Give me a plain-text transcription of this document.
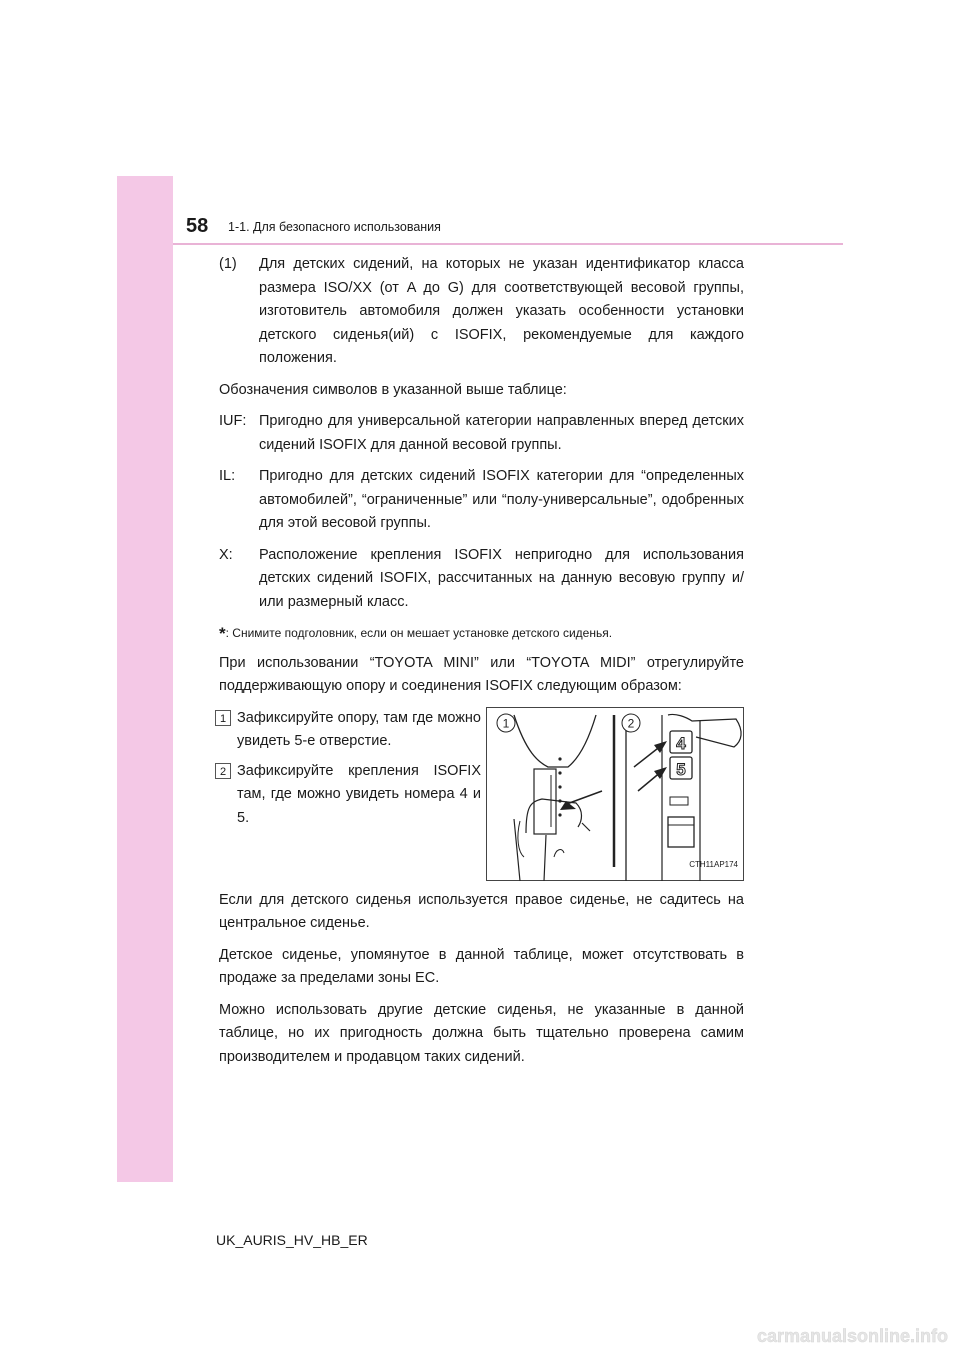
58 1-1. Для безопасного использования
(1)	Для детских сидений, на которых не указан идентификатор класса размера ISO/XX (от A до G) для соответствующей весовой группы, изготовитель автомобиля должен указать особенности установки детского сиденья(ий) с ISOFIX, рекомендуемые для каждого положения.

Обозначения символов в указанной выше таблице:

IUF: Пригодно для универсальной категории направленных вперед детских сидений ISOFIX для данной весовой группы.
IL:	Пригодно для детских сидений ISOFIX категории для “определенных автомобилей”, “ограниченные” или “полу-универсальные”, одобренных для этой весовой группы.
X:	Расположение крепления ISOFIX непригодно для использования детских сидений ISOFIX, рассчитанных на данную весовую группу и/или размерный класс.

*: Снимите подголовник, если он мешает установке детского сиденья.

При использовании “TOYOTA MINI” или “TOYOTA MIDI” отрегулируйте поддерживающую опору и соединения ISOFIX следующим образом:

1 Зафиксируйте опору, там где можно увидеть 5-е отверстие.
2 Зафиксируйте крепления ISOFIX там, где можно увидеть номера 4 и 5.
1	2
4
5
CTH11AP174

Если для детского сиденья используется правое сиденье, не садитесь на центральное сиденье.

Детское сиденье, упомянутое в данной таблице, может отсутствовать в продаже за пределами зоны ЕС.

Можно использовать другие детские сиденья, не указанные в данной таблице, но их пригодность должна быть тщательно проверена самим производителем и продавцом таких сидений.

UK_AURIS_HV_HB_ER
carmanualsonline.info
